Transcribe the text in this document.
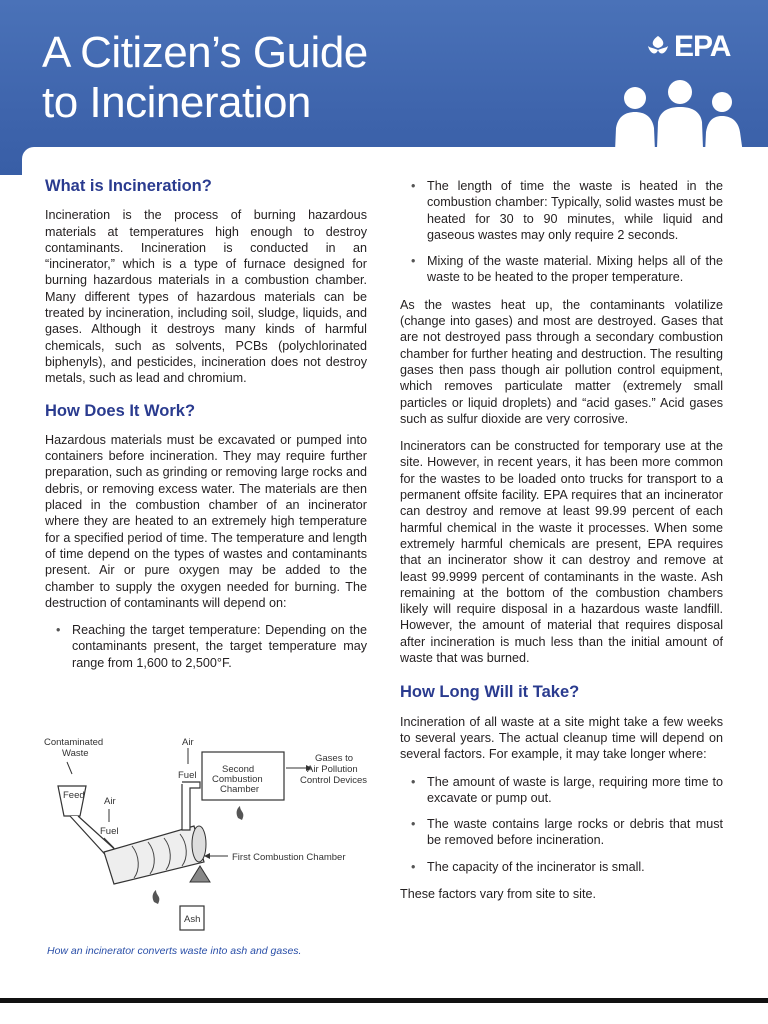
A Citizen’s Guide
to Incineration
EPA
What is Incineration?

Incineration is the process of burning hazardous materials at temperatures high enough to destroy contaminants. Incineration is conducted in an “incinerator,” which is a type of furnace designed for burning hazardous materials in a combustion chamber. Many different types of hazardous materials can be treated by incineration, including soil, sludge, liquids, and gases. Although it destroys many kinds of harmful chemicals, such as solvents, PCBs (polychlorinated biphenyls), and pesticides, incineration does not destroy metals, such as lead and chromium.

How Does It Work?

Hazardous materials must be excavated or pumped into containers before incineration. They may require further preparation, such as grinding or removing large rocks and debris, or removing excess water. The materials are then placed in the combustion chamber of an incinerator where they are heated to an extremely high temperature for a specified period of time. The temperature and length of time depend on the types of wastes and contaminants present. Air or pure oxygen may be added to the chamber to supply the oxygen needed for burning. The destruction of contaminants will depend on:

• Reaching the target temperature: Depending on the contaminants present, the target temperature may range from 1,600 to 2,500°F.
Contaminated
Waste
Feed
Air
Fuel
Air
Fuel
Second
Combustion
Chamber
Gases to
Air Pollution
Control Devices
First Combustion Chamber
Ash
How an incinerator converts waste into ash and gases.
• The length of time the waste is heated in the combustion chamber: Typically, solid wastes must be heated for 30 to 90 minutes, while liquid and gaseous wastes may only require 2 seconds.
• Mixing of the waste material. Mixing helps all of the waste to be heated to the proper temperature.

As the wastes heat up, the contaminants volatilize (change into gases) and most are destroyed. Gases that are not destroyed pass through a secondary combustion chamber for further heating and destruction. The resulting gases then pass though air pollution control equipment, which removes particulate matter (extremely small particles or liquid droplets) and “acid gases.” Acid gases such as sulfur dioxide are very corrosive.

Incinerators can be constructed for temporary use at the site. However, in recent years, it has been more common for the wastes to be loaded onto trucks for transport to a permanent offsite facility. EPA requires that an incinerator can destroy and remove at least 99.99 percent of each harmful chemical in the waste it processes. When some extremely harmful chemicals are present, EPA requires that an incinerator show it can destroy and remove at least 99.9999 percent of contaminants in the waste. Ash remaining at the bottom of the combustion chambers likely will require disposal in a hazardous waste landfill. However, the amount of material that requires disposal after incineration is much less than the initial amount of waste that was burned.

How Long Will it Take?

Incineration of all waste at a site might take a few weeks to several years. The actual cleanup time will depend on several factors. For example, it may take longer where:

• The amount of waste is large, requiring more time to excavate or pump out.
• The waste contains large rocks or debris that must be removed before incineration.
• The capacity of the incinerator is small.

These factors vary from site to site.
